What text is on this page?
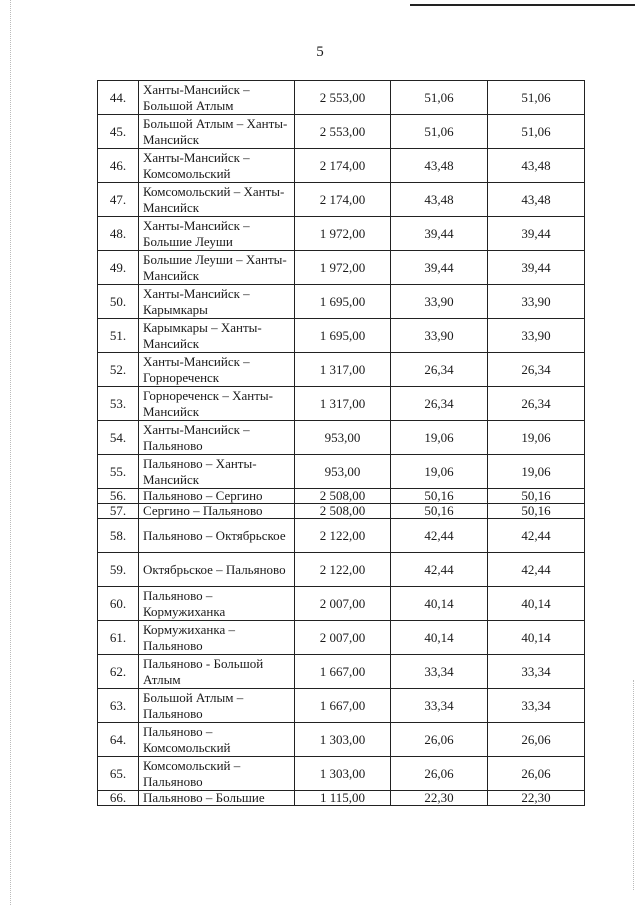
5
44.	Ханты-Мансийск – Большой Атлым	2 553,00	51,06	51,06
45.	Большой Атлым – Ханты-Мансийск	2 553,00	51,06	51,06
46.	Ханты-Мансийск – Комсомольский	2 174,00	43,48	43,48
47.	Комсомольский – Ханты-Мансийск	2 174,00	43,48	43,48
48.	Ханты-Мансийск – Большие Леуши	1 972,00	39,44	39,44
49.	Большие Леуши – Ханты-Мансийск	1 972,00	39,44	39,44
50.	Ханты-Мансийск – Карымкары	1 695,00	33,90	33,90
51.	Карымкары – Ханты-Мансийск	1 695,00	33,90	33,90
52.	Ханты-Мансийск – Горнореченск	1 317,00	26,34	26,34
53.	Горнореченск – Ханты-Мансийск	1 317,00	26,34	26,34
54.	Ханты-Мансийск – Пальяново	953,00	19,06	19,06
55.	Пальяново – Ханты-Мансийск	953,00	19,06	19,06
56.	Пальяново – Сергино	2 508,00	50,16	50,16
57.	Сергино – Пальяново	2 508,00	50,16	50,16
58.	Пальяново – Октябрьское	2 122,00	42,44	42,44
59.	Октябрьское – Пальяново	2 122,00	42,44	42,44
60.	Пальяново – Кормужиханка	2 007,00	40,14	40,14
61.	Кормужиханка – Пальяново	2 007,00	40,14	40,14
62.	Пальяново - Большой Атлым	1 667,00	33,34	33,34
63.	Большой Атлым – Пальяново	1 667,00	33,34	33,34
64.	Пальяново – Комсомольский	1 303,00	26,06	26,06
65.	Комсомольский – Пальяново	1 303,00	26,06	26,06
66.	Пальяново – Большие	1 115,00	22,30	22,30
